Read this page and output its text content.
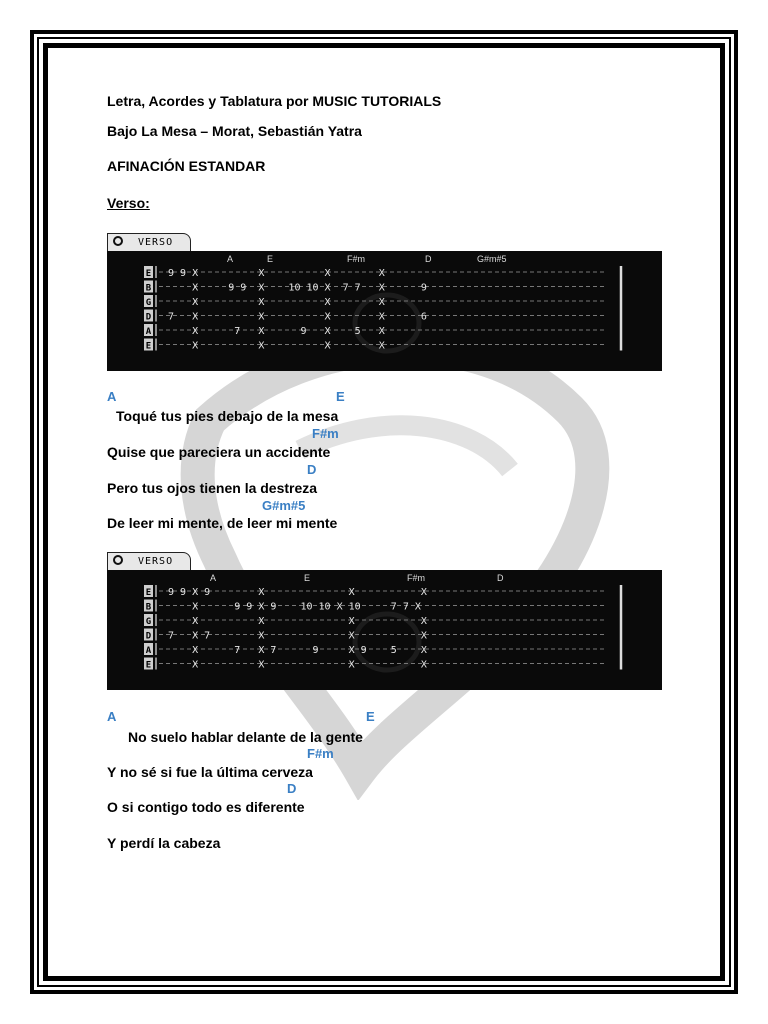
Letra, Acordes y Tablatura por MUSIC TUTORIALS
Bajo La Mesa – Morat, Sebastián Yatra
AFINACIÓN ESTANDAR
Verso:
VERSO
A	E	F#m	D	G#m#5
E 9 9 X          X          X        X
B X     9 9  X    10 10 X  7 7   X      9
G X          X          X        X
D 7   X          X          X        X      6
A X      7   X      9   X    5   X
E X          X          X        X
A	E
Toqué tus pies debajo de la mesa
F#m
Quise que pareciera un accidente
D
Pero tus ojos tienen la destreza
G#m#5
De leer mi mente, de leer mi mente
VERSO
A	E	F#m	D
E 9 9 X 9        X              X           X
B X      9 9 X 9    10 10 X 10     7 7 X
G X          X              X           X
D 7   X 7        X              X           X
A X      7   X 7      9     X 9    5    X
E X          X              X           X
A	E
No suelo hablar delante de la gente
F#m
Y no sé si fue la última cerveza
D
O si contigo todo es diferente
Y perdí la cabeza
